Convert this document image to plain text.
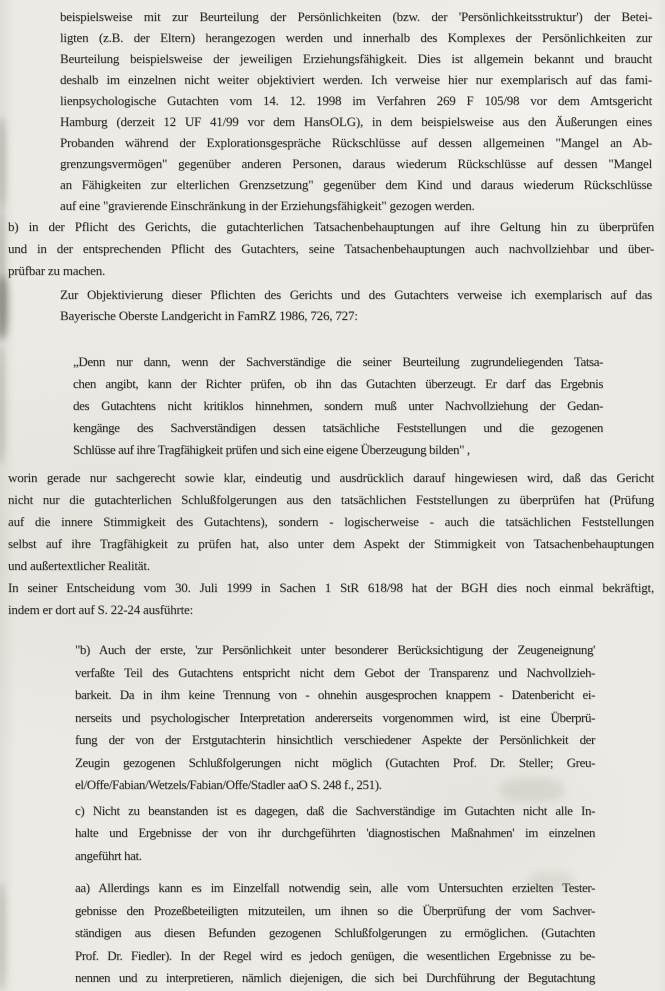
beispielsweise mit zur Beurteilung der Persönlichkeiten (bzw. der 'Persönlichkeitsstruktur') der Betei-
ligten (z.B. der Eltern) herangezogen werden und innerhalb des Komplexes der Persönlichkeiten zur
Beurteilung beispielsweise der jeweiligen Erziehungsfähigkeit. Dies ist allgemein bekannt und braucht
deshalb im einzelnen nicht weiter objektiviert werden. Ich verweise hier nur exemplarisch auf das fami-
lienpsychologische Gutachten vom 14. 12. 1998 im Verfahren 269 F 105/98 vor dem Amtsgericht
Hamburg (derzeit 12 UF 41/99 vor dem HansOLG), in dem beispielsweise aus den Äußerungen eines
Probanden während der Explorationsgespräche Rückschlüsse auf dessen allgemeinen "Mangel an Ab-
grenzungsvermögen" gegenüber anderen Personen, daraus wiederum Rückschlüsse auf dessen "Mangel
an Fähigkeiten zur elterlichen Grenzsetzung" gegenüber dem Kind und daraus wiederum Rückschlüsse
auf eine "gravierende Einschränkung in der Erziehungsfähigkeit" gezogen werden.
b) in der Pflicht des Gerichts, die gutachterlichen Tatsachenbehauptungen auf ihre Geltung hin zu überprüfen
und in der entsprechenden Pflicht des Gutachters, seine Tatsachenbehauptungen auch nachvollziehbar und über-
prüfbar zu machen.
Zur Objektivierung dieser Pflichten des Gerichts und des Gutachters verweise ich exemplarisch auf das
Bayerische Oberste Landgericht in FamRZ 1986, 726, 727:
„Denn nur dann, wenn der Sachverständige die seiner Beurteilung zugrundeliegenden Tatsa-
chen angibt, kann der Richter prüfen, ob ihn das Gutachten überzeugt. Er darf das Ergebnis
des Gutachtens nicht kritiklos hinnehmen, sondern muß unter Nachvollziehung der Gedan-
kengänge des Sachverständigen dessen tatsächliche Feststellungen und die gezogenen
Schlüsse auf ihre Tragfähigkeit prüfen und sich eine eigene Überzeugung bilden" ,
worin gerade nur sachgerecht sowie klar, eindeutig und ausdrücklich darauf hingewiesen wird, daß das Gericht
nicht nur die gutachterlichen Schlußfolgerungen aus den tatsächlichen Feststellungen zu überprüfen hat (Prüfung
auf die innere Stimmigkeit des Gutachtens), sondern - logischerweise - auch die tatsächlichen Feststellungen
selbst auf ihre Tragfähigkeit zu prüfen hat, also unter dem Aspekt der Stimmigkeit von Tatsachenbehauptungen
und außertextlicher Realität.
In seiner Entscheidung vom 30. Juli 1999 in Sachen 1 StR 618/98 hat der BGH dies noch einmal bekräftigt,
indem er dort auf S. 22-24 ausführte:
"b) Auch der erste, 'zur Persönlichkeit unter besonderer Berücksichtigung der Zeugeneignung'
verfaßte Teil des Gutachtens entspricht nicht dem Gebot der Transparenz und Nachvollzieh-
barkeit. Da in ihm keine Trennung von - ohnehin ausgesprochen knappem - Datenbericht ei-
nerseits und psychologischer Interpretation andererseits vorgenommen wird, ist eine Überprü-
fung der von der Erstgutachterin hinsichtlich verschiedener Aspekte der Persönlichkeit der
Zeugin gezogenen Schlußfolgerungen nicht möglich (Gutachten Prof. Dr. Steller; Greu-
el/Offe/Fabian/Wetzels/Fabian/Offe/Stadler aaO S. 248 f., 251).
c) Nicht zu beanstanden ist es dagegen, daß die Sachverständige im Gutachten nicht alle In-
halte und Ergebnisse der von ihr durchgeführten 'diagnostischen Maßnahmen' im einzelnen
angeführt hat.
aa) Allerdings kann es im Einzelfall notwendig sein, alle vom Untersuchten erzielten Tester-
gebnisse den Prozeßbeteiligten mitzuteilen, um ihnen so die Überprüfung der vom Sachver-
ständigen aus diesen Befunden gezogenen Schlußfolgerungen zu ermöglichen. (Gutachten
Prof. Dr. Fiedler). In der Regel wird es jedoch genügen, die wesentlichen Ergebnisse zu be-
nennen und zu interpretieren, nämlich diejenigen, die sich bei Durchführung der Begutachtung
